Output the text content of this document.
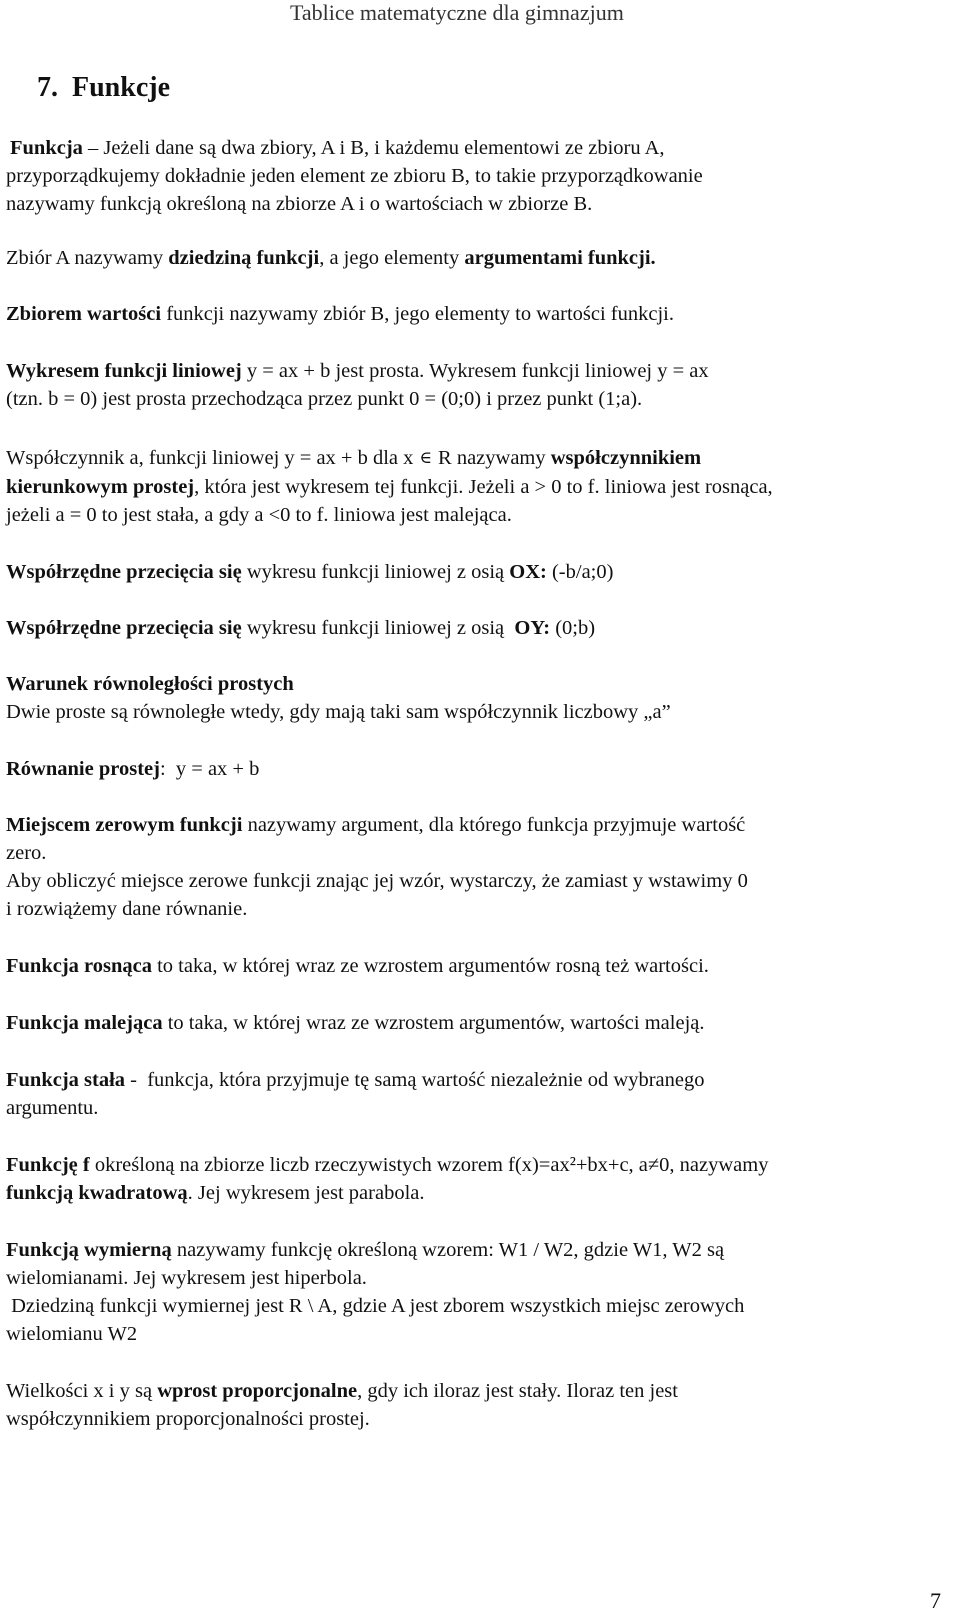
Tablice matematyczne dla gimnazjum
7. Funkcje
Funkcja – Jeżeli dane są dwa zbiory, A i B, i każdemu elementowi ze zbioru A,
przyporządkujemy dokładnie jeden element ze zbioru B, to takie przyporządkowanie
nazywamy funkcją określoną na zbiorze A i o wartościach w zbiorze B.
Zbiór A nazywamy dziedziną funkcji, a jego elementy argumentami funkcji.
Zbiorem wartości funkcji nazywamy zbiór B, jego elementy to wartości funkcji.
Wykresem funkcji liniowej y = ax + b jest prosta. Wykresem funkcji liniowej y = ax
(tzn. b = 0) jest prosta przechodząca przez punkt 0 = (0;0) i przez punkt (1;a).
Współczynnik a, funkcji liniowej y = ax + b dla x ∈ R nazywamy współczynnikiem
kierunkowym prostej, która jest wykresem tej funkcji. Jeżeli a > 0 to f. liniowa jest rosnąca,
jeżeli a = 0 to jest stała, a gdy a <0 to f. liniowa jest malejąca.
Współrzędne przecięcia się wykresu funkcji liniowej z osią OX: (-b/a;0)
Współrzędne przecięcia się wykresu funkcji liniowej z osią  OY: (0;b)
Warunek równoległości prostych
Dwie proste są równoległe wtedy, gdy mają taki sam współczynnik liczbowy „a”
Równanie prostej:  y = ax + b
Miejscem zerowym funkcji nazywamy argument, dla którego funkcja przyjmuje wartość
zero.
Aby obliczyć miejsce zerowe funkcji znając jej wzór, wystarczy, że zamiast y wstawimy 0
i rozwiążemy dane równanie.
Funkcja rosnąca to taka, w której wraz ze wzrostem argumentów rosną też wartości.
Funkcja malejąca to taka, w której wraz ze wzrostem argumentów, wartości maleją.
Funkcja stała -  funkcja, która przyjmuje tę samą wartość niezależnie od wybranego
argumentu.
Funkcję f określoną na zbiorze liczb rzeczywistych wzorem f(x)=ax²+bx+c, a≠0, nazywamy
funkcją kwadratową. Jej wykresem jest parabola.
Funkcją wymierną nazywamy funkcję określoną wzorem: W1 / W2, gdzie W1, W2 są
wielomianami. Jej wykresem jest hiperbola.
Dziedziną funkcji wymiernej jest R \ A, gdzie A jest zborem wszystkich miejsc zerowych
wielomianu W2
Wielkości x i y są wprost proporcjonalne, gdy ich iloraz jest stały. Iloraz ten jest
współczynnikiem proporcjonalności prostej.
7
